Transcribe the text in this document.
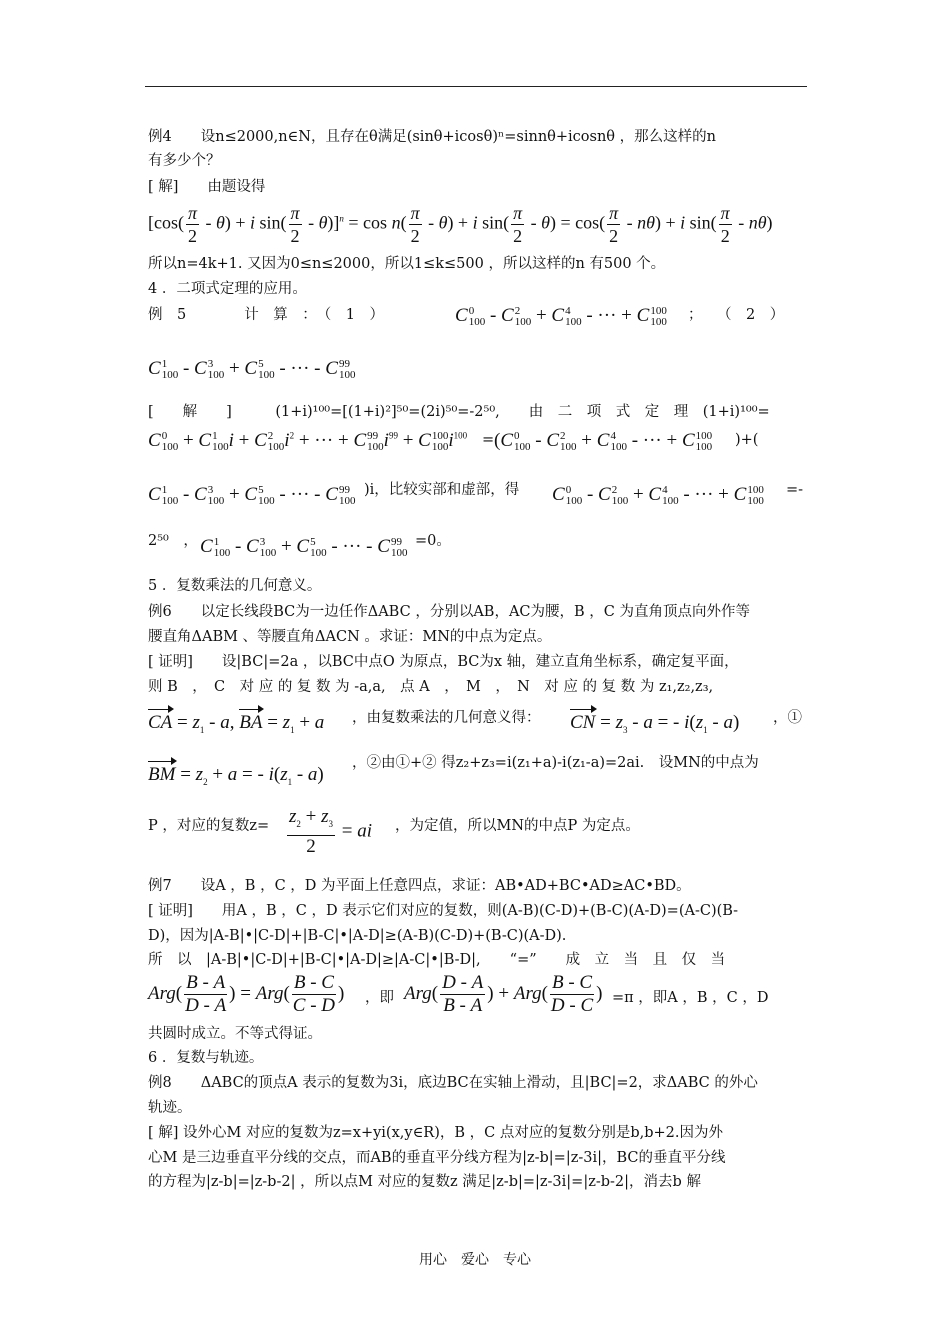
例4　　设n≤2000,n∈N，且存在θ满足(sinθ+icosθ)ⁿ=sinnθ+icosnθ ，那么这样的n
有多少个？
[ 解]　　由题设得
[$\cos( \frac{\pi}{2} - \theta) + i$ $\sin( \frac{\pi}{2} - \theta)]^n = \cos n( \frac{\pi}{2} - \theta) + i$ $\sin( \frac{\pi}{2} - \theta) = \cos( \frac{\pi}{2} - n\theta) + i$ $\sin( \frac{\pi}{2} - n\theta)$
所以n=4k+1. 又因为0≤n≤2000，所以1≤k≤500 ，所以这样的n 有500 个。
4 ．二项式定理的应用。
例　5　　　　计　算　：　（　1　）	C 0
100 - C 2
100 + C 4
100 - ··· + C 100
100 ；　　（　2　）
C 1
100 - C 3
100 + C 5
100 - ··· - C 99
100
[　　解　　]　　　(1+i)¹⁰⁰=[(1+i)²]⁵⁰=(2i)⁵⁰=-2⁵⁰,　　由　二　项　式　定　理　(1+i)¹⁰⁰=
C 0
100 + C 1
100 i + C 2
100 $i^2$ + ··· + C 99
100 $i^{99} + C$ 100
100 $i^{100} = (C$ 0
100 - C 2
100 + C 4
100 - ··· + C 100
100 )+(
C 1
100 - C 3
100 + C 5
100 - ··· - C 99
100
)i，比较实部和虚部，得 C 0
100 - C 2
100 + C 4
100 - ··· + C 100
100
=-
2⁵⁰　， C 1
100 - C 3
100 + C 5
100 - ··· - C 99
100
=0。
5 ．复数乘法的几何意义。
例6　　以定长线段BC为一边任作ΔABC ，分别以AB，AC为腰，B ，C 为直角顶点向外作等
腰直角ΔABM 、等腰直角ΔACN 。求证：MN的中点为定点。
[ 证明]　　设|BC|=2a ，以BC中点O 为原点，BC为x 轴，建立直角坐标系，确定复平面，
则 B　，　C　对 应 的 复 数 为 -a,a,　点 A　，　M　，　N　对 应 的 复 数 为 z₁,z₂,z₃,
CA = $z_1$ - a, BA = $z_1 + a$ ，由复数乘法的几何意义得： CN = $z_3$ - a = - $i(z_1 - a)$ ，①
BM = $z_2 + a$ = - $i(z_1 - a)$
，②由①+② 得z₂+z₃=i(z₁+a)-i(z₁-a)=2ai.　设MN的中点为
P ，对应的复数$z= \frac{z_2 + z_3}{2}$ = ai ，为定值，所以MN的中点P 为定点。
例7　　设A ，B ，C ，D 为平面上任意四点，求证：AB•AD+BC•AD≥AC•BD。
[ 证明]　　用A ，B ，C ，D 表示它们对应的复数，则(A-B)(C-D)+(B-C)(A-D)=(A-C)(B-
D)，因为|A-B|•|C-D|+|B-C|•|A-D|≥(A-B)(C-D)+(B-C)(A-D).
所　以　|A-B|•|C-D|+|B-C|•|A-D|≥|A-C|•|B-D|,　　“=”　　成　立　当　且　仅　当
$Arg( \frac{B - A}{D - A}$ ) = $Arg( \frac{B - C}{C - D}$ ) ，即 $Arg( \frac{D - A}{B - A}$ ) + $Arg( \frac{B - C}{D - C}$ ) =π ，即A ，B ，C ，D
共圆时成立。不等式得证。
6 ．复数与轨迹。
例8　　ΔABC的顶点A 表示的复数为3i，底边BC在实轴上滑动，且|BC|=2，求ΔABC 的外心
轨迹。
[ 解] 设外心M 对应的复数为z=x+yi(x,y∈R)，B ，C 点对应的复数分别是b,b+2.因为外
心M 是三边垂直平分线的交点，而AB的垂直平分线方程为|z-b|=|z-3i|，BC的垂直平分线
的方程为|z-b|=|z-b-2| ，所以点M 对应的复数z 满足|z-b|=|z-3i|=|z-b-2|，消去b 解
用心　爱心　专心
